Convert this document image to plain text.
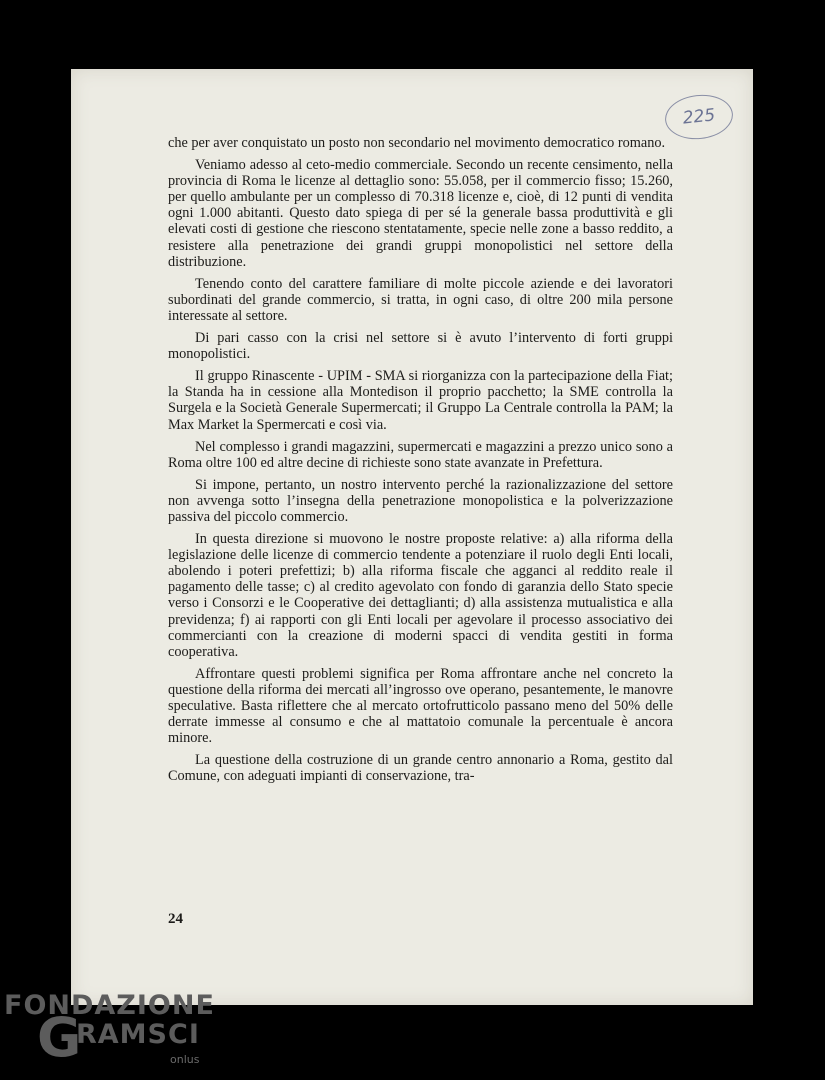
225

che per aver conquistato un posto non secondario nel movimento democratico romano.

Veniamo adesso al ceto-medio commerciale. Secondo un recente censimento, nella provincia di Roma le licenze al dettaglio sono: 55.058, per il commercio fisso; 15.260, per quello ambulante per un complesso di 70.318 licenze e, cioè, di 12 punti di vendita ogni 1.000 abitanti. Questo dato spiega di per sé la generale bassa produttività e gli elevati costi di gestione che riescono stentatamente, specie nelle zone a basso reddito, a resistere alla penetrazione dei grandi gruppi monopolistici nel settore della distribuzione.

Tenendo conto del carattere familiare di molte piccole aziende e dei lavoratori subordinati del grande commercio, si tratta, in ogni caso, di oltre 200 mila persone interessate al settore.

Di pari casso con la crisi nel settore si è avuto l’intervento di forti gruppi monopolistici.

Il gruppo Rinascente - UPIM - SMA si riorganizza con la partecipazione della Fiat; la Standa ha in cessione alla Montedison il proprio pacchetto; la SME controlla la Surgela e la Società Generale Supermercati; il Gruppo La Centrale controlla la PAM; la Max Market la Spermercati e così via.

Nel complesso i grandi magazzini, supermercati e magazzini a prezzo unico sono a Roma oltre 100 ed altre decine di richieste sono state avanzate in Prefettura.

Si impone, pertanto, un nostro intervento perché la razionalizzazione del settore non avvenga sotto l’insegna della penetrazione monopolistica e la polverizzazione passiva del piccolo commercio.

In questa direzione si muovono le nostre proposte relative: a) alla riforma della legislazione delle licenze di commercio tendente a potenziare il ruolo degli Enti locali, abolendo i poteri prefettizi; b) alla riforma fiscale che agganci al reddito reale il pagamento delle tasse; c) al credito agevolato con fondo di garanzia dello Stato specie verso i Consorzi e le Cooperative dei dettaglianti; d) alla assistenza mutualistica e alla previdenza; f) ai rapporti con gli Enti locali per agevolare il processo associativo dei commercianti con la creazione di moderni spacci di vendita gestiti in forma cooperativa.

Affrontare questi problemi significa per Roma affrontare anche nel concreto la questione della riforma dei mercati all’ingrosso ove operano, pesantemente, le manovre speculative. Basta riflettere che al mercato ortofrutticolo passano meno del 50% delle derrate immesse al consumo e che al mattatoio comunale la percentuale è ancora minore.

La questione della costruzione di un grande centro annonario a Roma, gestito dal Comune, con adeguati impianti di conservazione, tra-

24
FONDAZIONE
G
RAMSCI
onlus
